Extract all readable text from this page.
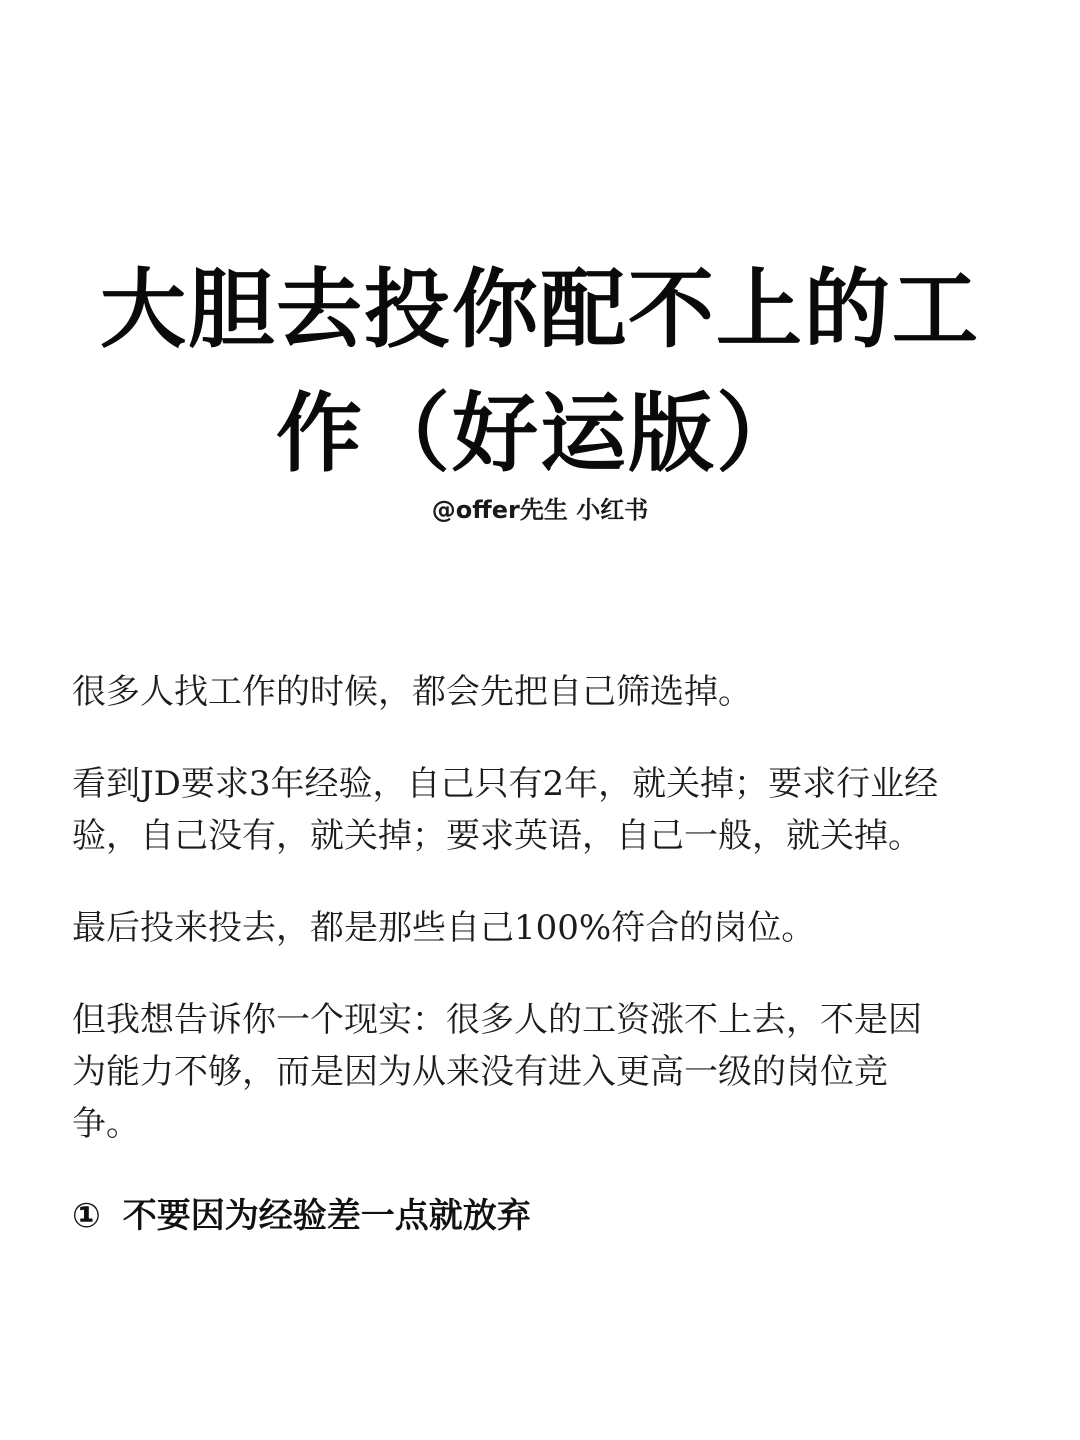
大胆去投你配不上的工
作（好运版）
@offer先生 小红书

很多人找工作的时候，都会先把自己筛选掉。

看到JD要求3年经验，自己只有2年，就关掉；要求行业经
验，自己没有，就关掉；要求英语，自己一般，就关掉。

最后投来投去，都是那些自己100%符合的岗位。

但我想告诉你一个现实：很多人的工资涨不上去，不是因
为能力不够，而是因为从来没有进入更高一级的岗位竞
争。

① 不要因为经验差一点就放弃
